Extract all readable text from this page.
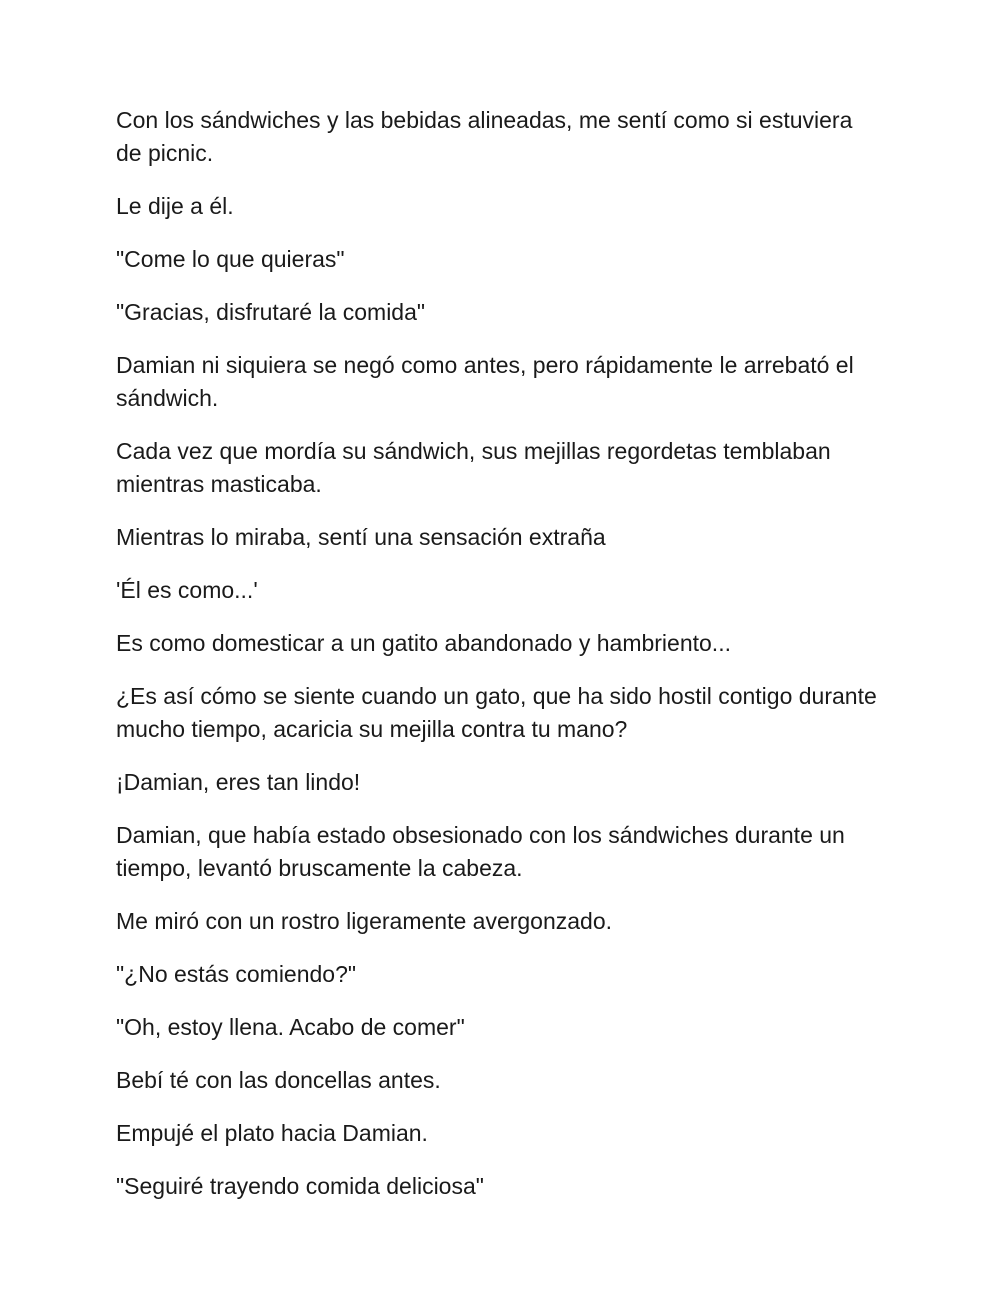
Con los sándwiches y las bebidas alineadas, me sentí como si estuviera de picnic.

Le dije a él.

"Come lo que quieras"

"Gracias, disfrutaré la comida"

Damian ni siquiera se negó como antes, pero rápidamente le arrebató el sándwich.

Cada vez que mordía su sándwich, sus mejillas regordetas temblaban mientras masticaba.

Mientras lo miraba, sentí una sensación extraña

'Él es como...'

Es como domesticar a un gatito abandonado y hambriento...

¿Es así cómo se siente cuando un gato, que ha sido hostil contigo durante mucho tiempo, acaricia su mejilla contra tu mano?

¡Damian, eres tan lindo!

Damian, que había estado obsesionado con los sándwiches durante un tiempo, levantó bruscamente la cabeza.

Me miró con un rostro ligeramente avergonzado.

"¿No estás comiendo?"

"Oh, estoy llena. Acabo de comer"

Bebí té con las doncellas antes.

Empujé el plato hacia Damian.

"Seguiré trayendo comida deliciosa"
